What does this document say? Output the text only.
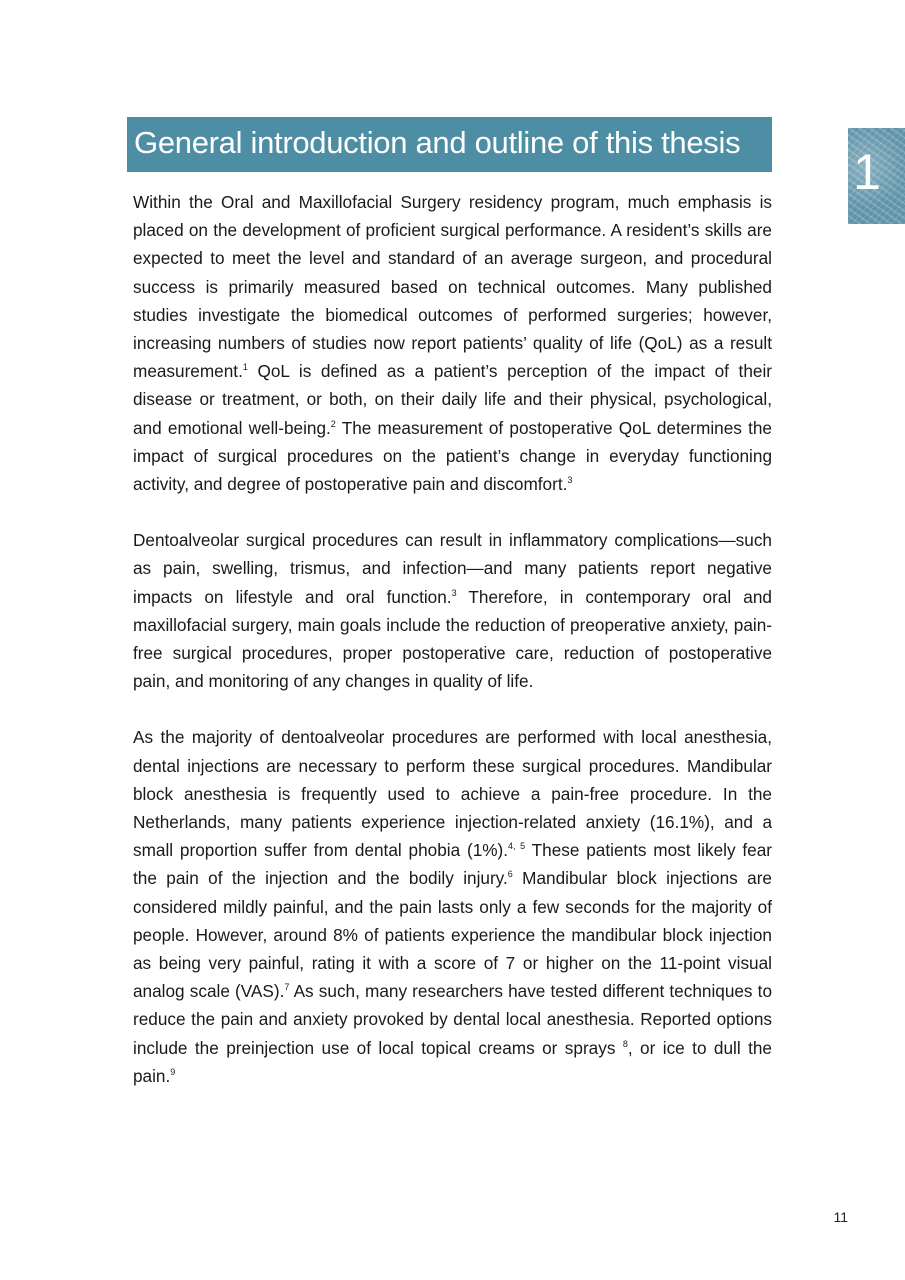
General introduction and outline of this thesis
1

Within the Oral and Maxillofacial Surgery residency program, much emphasis is placed on the development of proficient surgical performance. A resident’s skills are expected to meet the level and standard of an average surgeon, and procedural success is primarily measured based on technical outcomes. Many published studies investigate the biomedical outcomes of performed surgeries; however, increasing numbers of studies now report patients’ quality of life (QoL) as a result measurement.$^1$ QoL is defined as a patient’s perception of the impact of their disease or treatment, or both, on their daily life and their physical, psychological, and emotional well-being.$^2$ The measurement of postoperative QoL determines the impact of surgical procedures on the patient’s change in everyday functioning activity, and degree of postoperative pain and discomfort.$^3$

Dentoalveolar surgical procedures can result in inflammatory complications—such as pain, swelling, trismus, and infection—and many patients report negative impacts on lifestyle and oral function.$^3$ Therefore, in contemporary oral and maxillofacial surgery, main goals include the reduction of preoperative anxiety, pain-free surgical procedures, proper postoperative care, reduction of postoperative pain, and monitoring of any changes in quality of life.

As the majority of dentoalveolar procedures are performed with local anesthesia, dental injections are necessary to perform these surgical procedures. Mandibular block anesthesia is frequently used to achieve a pain-free procedure. In the Netherlands, many patients experience injection-related anxiety (16.1%), and a small proportion suffer from dental phobia (1%).$^{4, 5}$ These patients most likely fear the pain of the injection and the bodily injury.$^6$ Mandibular block injections are considered mildly painful, and the pain lasts only a few seconds for the majority of people. However, around 8% of patients experience the mandibular block injection as being very painful, rating it with a score of 7 or higher on the 11-point visual analog scale (VAS).$^7$ As such, many researchers have tested different techniques to reduce the pain and anxiety provoked by dental local anesthesia. Reported options include the preinjection use of local topical creams or sprays $^8$, or ice to dull the pain.$^9$

11
